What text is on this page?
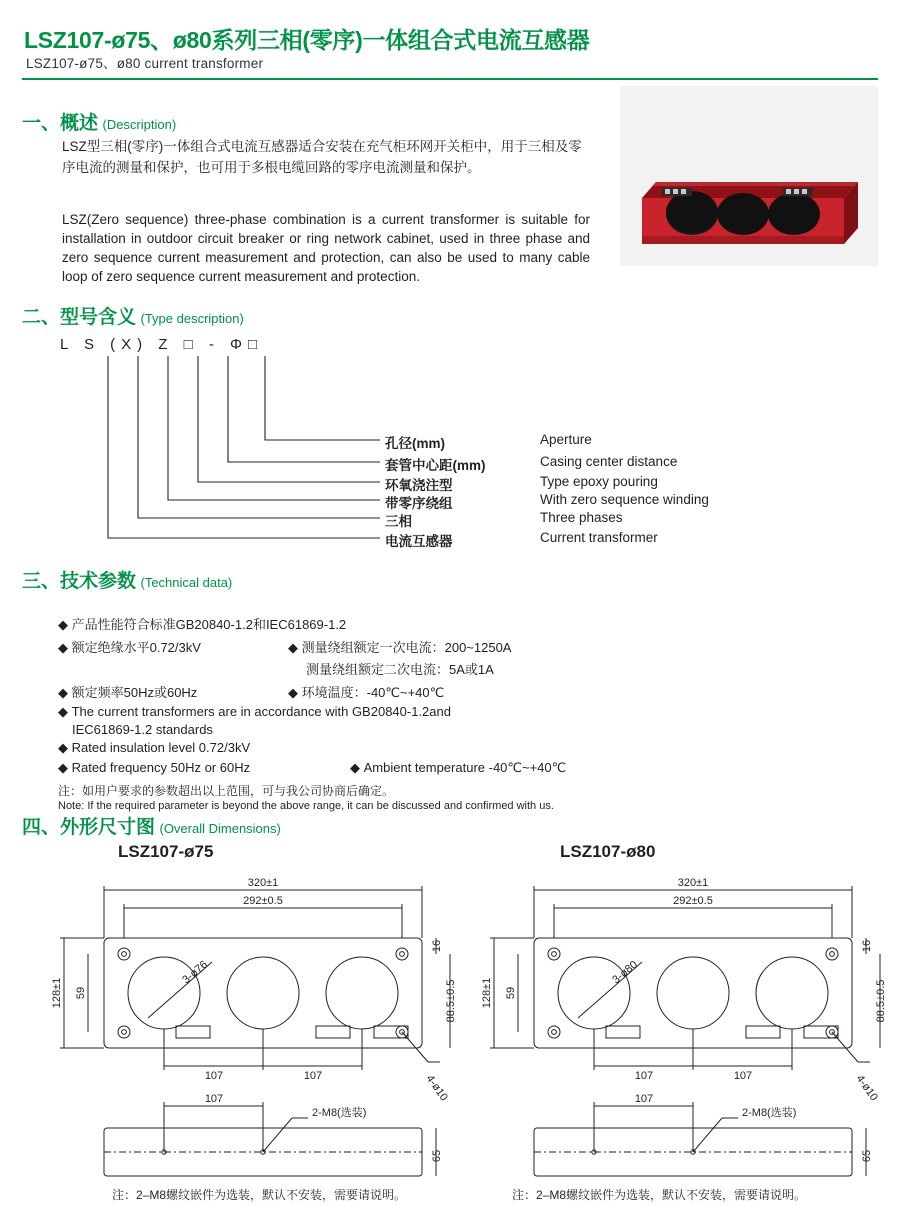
LSZ107-ø75、ø80系列三相(零序)一体组合式电流互感器
LSZ107-ø75、ø80 current transformer
一、概述 (Description)
LSZ型三相(零序)一体组合式电流互感器适合安装在充气柜环网开关柜中，用于三相及零序电流的测量和保护，也可用于多根电缆回路的零序电流测量和保护。
LSZ(Zero sequence) three-phase combination is a current transformer is suitable for installation in outdoor circuit breaker or ring network cabinet, used in three phase and zero sequence current measurement and protection, can also be used to many cable loop of zero sequence current measurement and protection.
二、型号含义 (Type description)
L S (X) Z □ - Φ□
孔径(mm)	Aperture
套管中心距(mm)	Casing center distance
环氧浇注型	Type epoxy pouring
带零序绕组	With zero sequence winding
三相	Three phases
电流互感器	Current transformer
三、技术参数 (Technical data)
◆ 产品性能符合标准GB20840-1.2和IEC61869-1.2
◆ 额定绝缘水平0.72/3kV
◆ 额定频率50Hz或60Hz
◆ 测量绕组额定一次电流：200~1250A
测量绕组额定二次电流：5A或1A
◆ 环境温度：-40℃~+40℃
◆ The current transformers are in accordance with GB20840-1.2and
IEC61869-1.2 standards
◆ Rated insulation level 0.72/3kV
◆ Rated frequency 50Hz or 60Hz	◆ Ambient temperature -40℃~+40℃
注：如用户要求的参数超出以上范围，可与我公司协商后确定。
Note: If the required parameter is beyond the above range, it can be discussed and confirmed with us.
四、外形尺寸图 (Overall Dimensions)
LSZ107-ø75	LSZ107-ø80
320±1
292±0.5
128±1 59
16
88.5±0.5
107	107
3-ø76
4-ø10
107
2-M8(选装)
65
注：2–M8螺纹嵌件为选装，默认不安装，需要请说明。
320±1
292±0.5
128±1 59
16
88.5±0.5
107	107
3-ø80
4-ø10
107
2-M8(选装)
65
注：2–M8螺纹嵌件为选装，默认不安装，需要请说明。
